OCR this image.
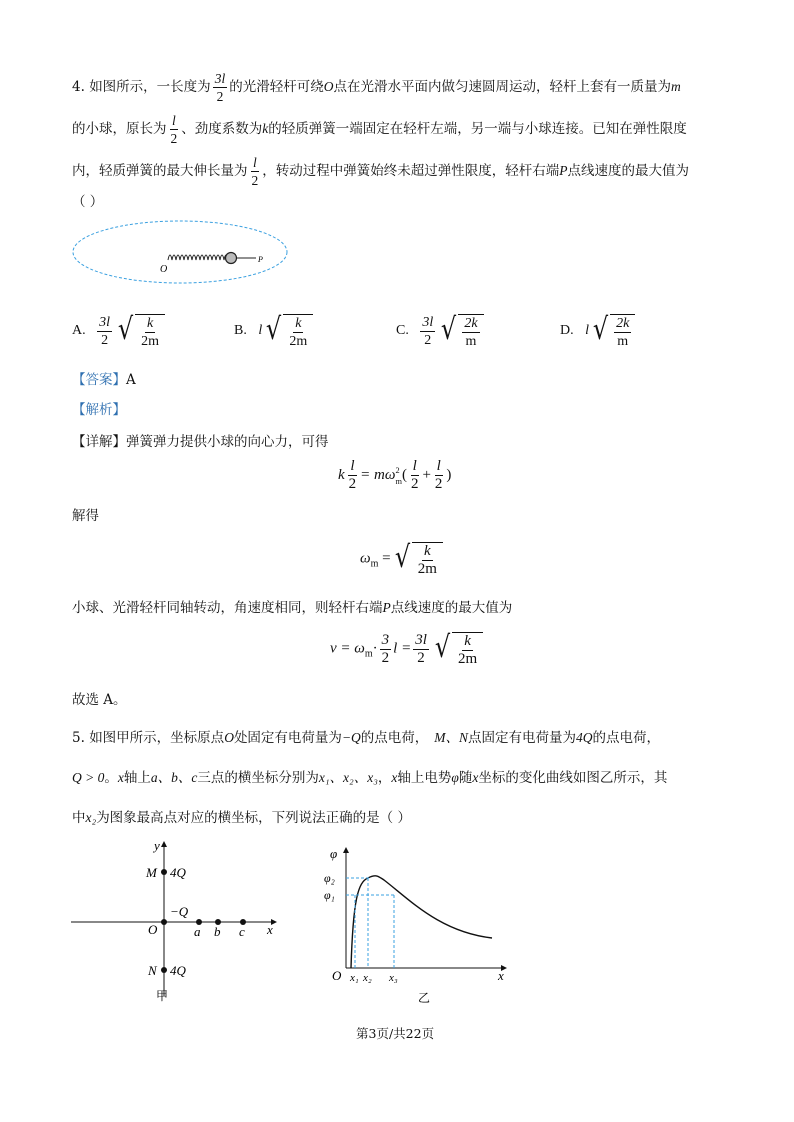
4. 如图所示，一长度为 $\frac{3l}{2}$ 的光滑轻杆可绕O点在光滑水平面内做匀速圆周运动，轻杆上套有一质量为m
的小球，原长为 $\frac{l}{2}$ 、劲度系数为k的轻质弹簧一端固定在轻杆左端，另一端与小球连接。已知在弹性限度
内，轻质弹簧的最大伸长量为 $\frac{l}{2}$ ，转动过程中弹簧始终未超过弹性限度，轻杆右端P点线速度的最大值为
（ ）
O
P
A. $\frac{3l}{2}$ √ $\frac{k}{2m}$	B. l √ $\frac{k}{2m}$	C. $\frac{3l}{2}$ √ $\frac{2k}{m}$	D. l √ $\frac{2k}{m}$
【答案】A
【解析】
【详解】弹簧弹力提供小球的向心力，可得
k $\frac{l}{2} = m\omega$ 2
m ( $\frac{l}{2} + \frac{l}{2}$ )
解得
$\omega_m$ = √ $\frac{k}{2m}$
小球、光滑轻杆同轴转动，角速度相同，则轻杆右端P点线速度的最大值为
$v = \omega_m\cdot \frac{3}{2}$ $l = \frac{3l}{2}$ √ $\frac{k}{2m}$
故选 A。
5. 如图甲所示，坐标原点O处固定有电荷量为−Q的点电荷， M、N点固定有电荷量为4Q的点电荷，
Q > 0。x轴上a、b、c三点的横坐标分别为x₁、x₂、x₃，x轴上电势φ随x坐标的变化曲线如图乙所示，其
中x₂为图象最高点对应的横坐标，下列说法正确的是（ ）
y
x
O
M
N
4Q
4Q
−Q
a b c
甲
φ
φ₂
φ₁
O	x
x₁ x₂ x₃
乙
第3页/共22页
